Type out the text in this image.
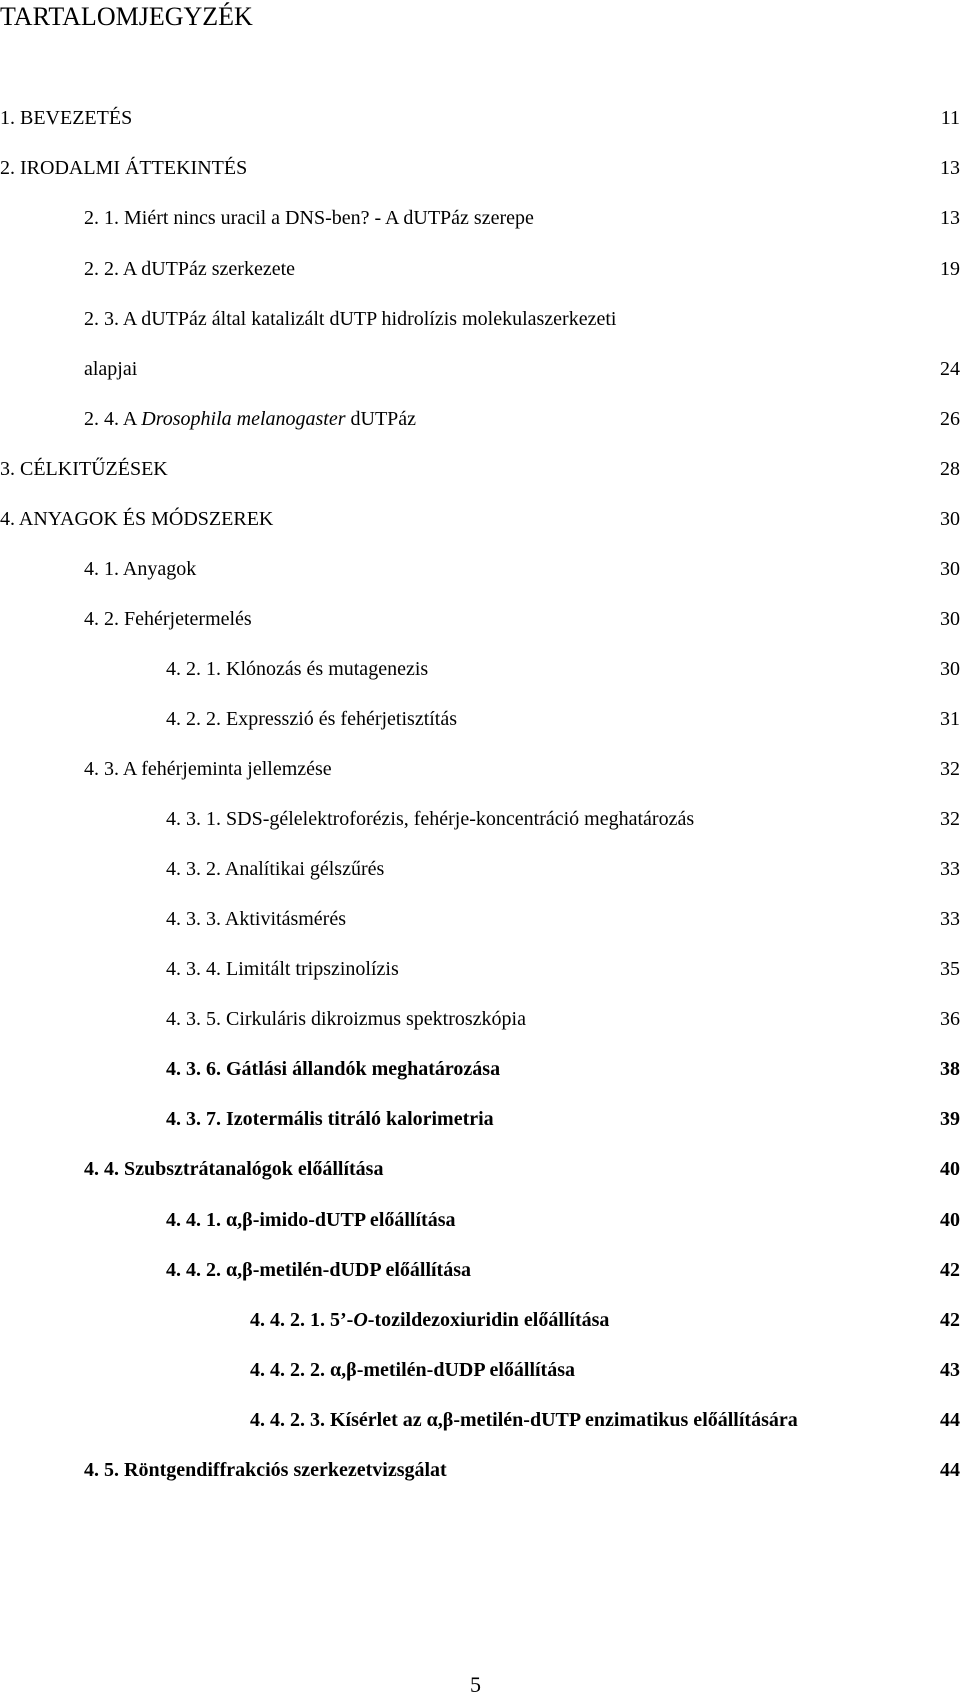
TARTALOMJEGYZÉK
1. BEVEZETÉS	11
2. IRODALMI ÁTTEKINTÉS	13
2. 1. Miért nincs uracil a DNS-ben? - A dUTPáz szerepe	13
2. 2. A dUTPáz szerkezete	19
2. 3. A dUTPáz által katalizált dUTP hidrolízis molekulaszerkezeti
alapjai	24
2. 4. A Drosophila melanogaster dUTPáz	26
3. CÉLKITŰZÉSEK	28
4. ANYAGOK ÉS MÓDSZEREK	30
4. 1. Anyagok	30
4. 2. Fehérjetermelés	30
4. 2. 1. Klónozás és mutagenezis	30
4. 2. 2. Expresszió és fehérjetisztítás	31
4. 3. A fehérjeminta jellemzése	32
4. 3. 1. SDS-gélelektroforézis, fehérje-koncentráció meghatározás	32
4. 3. 2. Analítikai gélszűrés	33
4. 3. 3. Aktivitásmérés	33
4. 3. 4. Limitált tripszinolízis	35
4. 3. 5. Cirkuláris dikroizmus spektroszkópia	36
4. 3. 6. Gátlási állandók meghatározása	38
4. 3. 7. Izotermális titráló kalorimetria	39
4. 4. Szubsztrátanalógok előállítása	40
4. 4. 1. α,β-imido-dUTP előállítása	40
4. 4. 2. α,β-metilén-dUDP előállítása	42
4. 4. 2. 1. 5’-O-tozildezoxiuridin előállítása	42
4. 4. 2. 2. α,β-metilén-dUDP előállítása	43
4. 4. 2. 3. Kísérlet az α,β-metilén-dUTP enzimatikus előállítására	44
4. 5. Röntgendiffrakciós szerkezetvizsgálat	44
5
